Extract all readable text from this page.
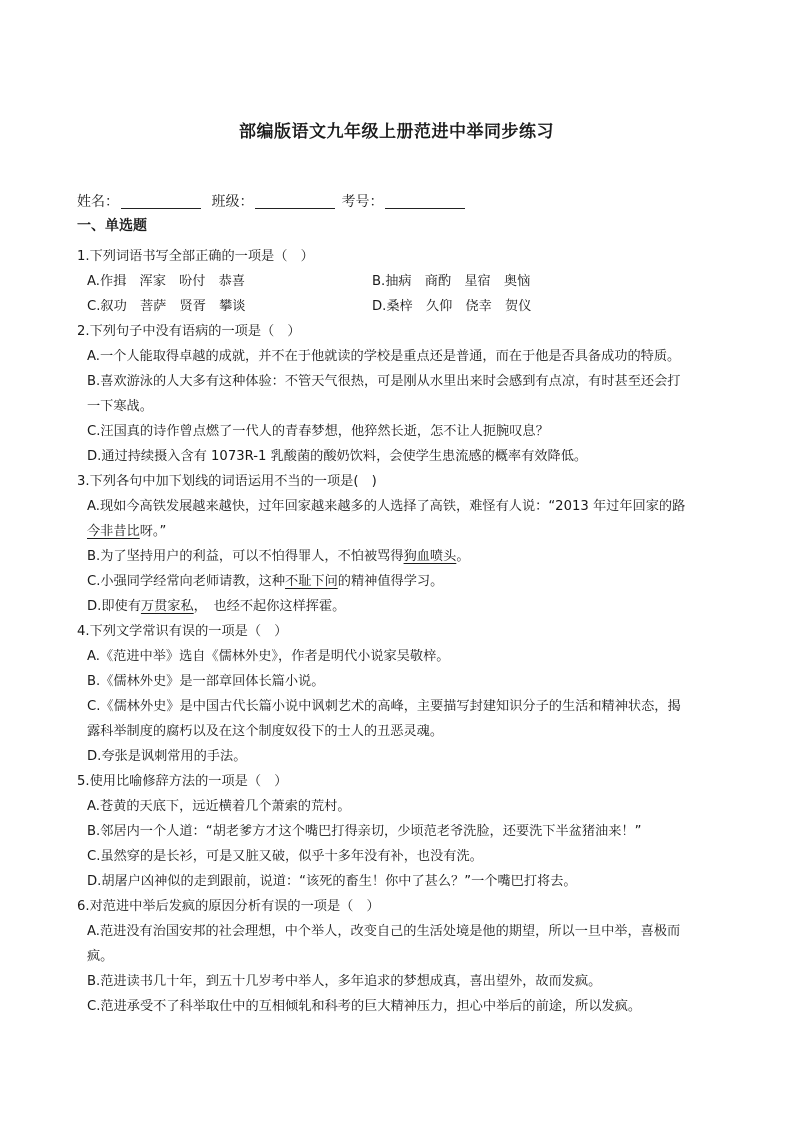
部编版语文九年级上册范进中举同步练习
姓名：	班级：	考号：
一、单选题
1.下列词语书写全部正确的一项是（　）
A.作揖　浑家　吩付　恭喜	B.抽病　商酌　星宿　奥恼
C.叙功　菩萨　贤胥　攀谈	D.桑梓　久仰　侥幸　贺仪
2.下列句子中没有语病的一项是（　）
A.一个人能取得卓越的成就，并不在于他就读的学校是重点还是普通，而在于他是否具备成功的特质。
B.喜欢游泳的人大多有这种体验：不管天气很热，可是刚从水里出来时会感到有点凉，有时甚至还会打
一下寒战。
C.汪国真的诗作曾点燃了一代人的青春梦想，他猝然长逝，怎不让人扼腕叹息？
D.通过持续摄入含有 1073R-1 乳酸菌的酸奶饮料，会使学生患流感的概率有效降低。
3.下列各句中加下划线的词语运用不当的一项是(　)
A.现如今高铁发展越来越快，过年回家越来越多的人选择了高铁，难怪有人说：“2013 年过年回家的路
今非昔比呀。”
B.为了坚持用户的利益，可以不怕得罪人，不怕被骂得狗血喷头。
C.小强同学经常向老师请教，这种不耻下问的精神值得学习。
D.即使有万贯家私，　也经不起你这样挥霍。
4.下列文学常识有误的一项是（　）
A.《范进中举》选自《儒林外史》，作者是明代小说家吴敬梓。
B.《儒林外史》是一部章回体长篇小说。
C.《儒林外史》是中国古代长篇小说中讽刺艺术的高峰，主要描写封建知识分子的生活和精神状态，揭
露科举制度的腐朽以及在这个制度奴役下的士人的丑恶灵魂。
D.夸张是讽刺常用的手法。
5.使用比喻修辞方法的一项是（　）
A.苍黄的天底下，远近横着几个萧索的荒村。
B.邻居内一个人道：“胡老爹方才这个嘴巴打得亲切，少顷范老爷洗脸，还要洗下半盆猪油来！”
C.虽然穿的是长衫，可是又脏又破，似乎十多年没有补，也没有洗。
D.胡屠户凶神似的走到跟前，说道：“该死的畜生！你中了甚么？”一个嘴巴打将去。
6.对范进中举后发疯的原因分析有误的一项是（　）
A.范进没有治国安邦的社会理想，中个举人，改变自己的生活处境是他的期望，所以一旦中举，喜极而
疯。
B.范进读书几十年，到五十几岁考中举人，多年追求的梦想成真，喜出望外，故而发疯。
C.范进承受不了科举取仕中的互相倾轧和科考的巨大精神压力，担心中举后的前途，所以发疯。
